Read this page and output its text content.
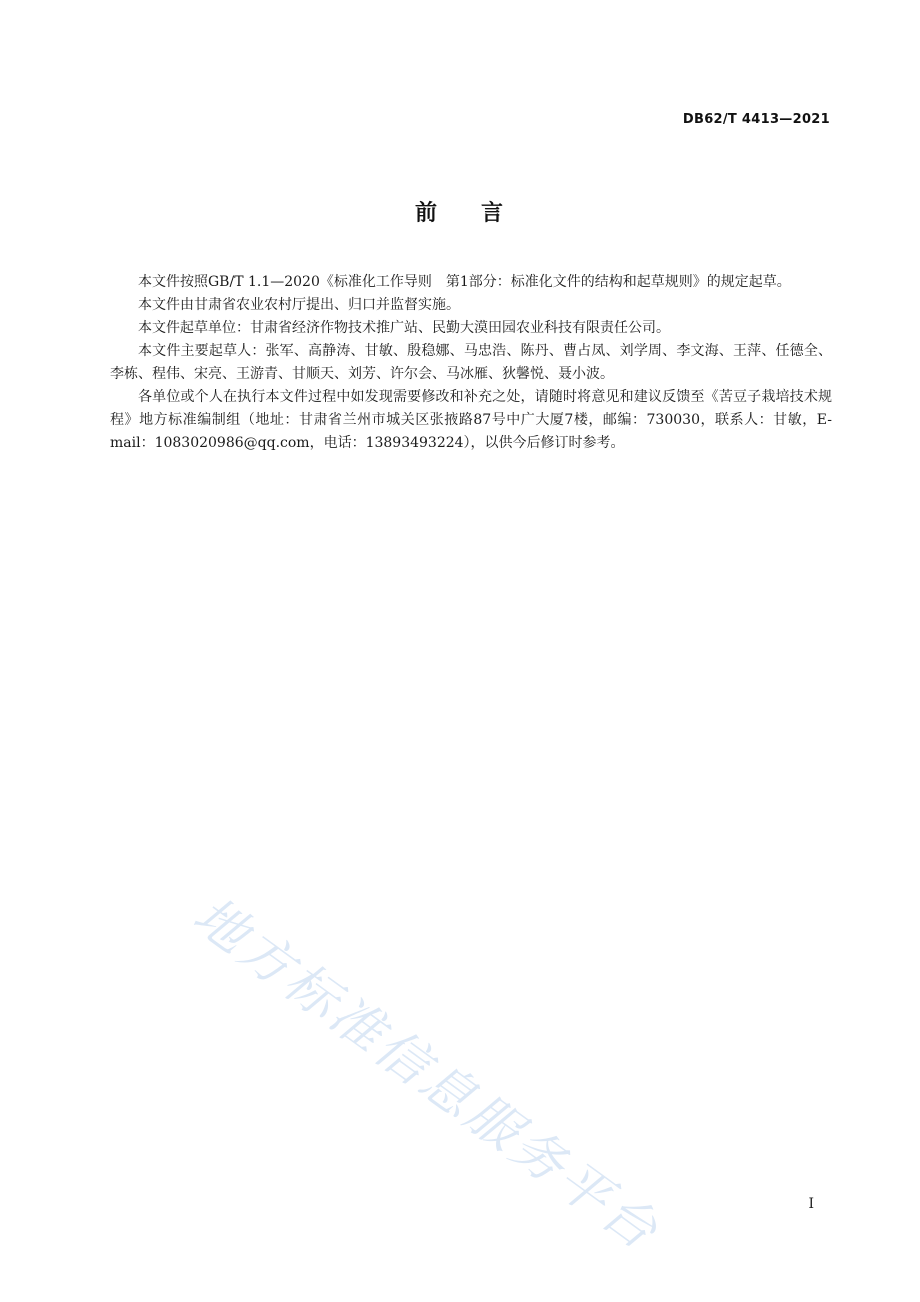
DB62/T 4413—2021
前 言

本文件按照GB/T 1.1—2020《标准化工作导则　第1部分：标准化文件的结构和起草规则》的规定起草。

本文件由甘肃省农业农村厅提出、归口并监督实施。

本文件起草单位：甘肃省经济作物技术推广站、民勤大漠田园农业科技有限责任公司。

本文件主要起草人：张军、高静涛、甘敏、殷稳娜、马忠浩、陈丹、曹占凤、刘学周、李文海、王萍、任德全、李栋、程伟、宋亮、王游青、甘顺天、刘芳、许尔会、马冰雁、狄馨悦、聂小波。

各单位或个人在执行本文件过程中如发现需要修改和补充之处，请随时将意见和建议反馈至《苦豆子栽培技术规程》地方标准编制组（地址：甘肃省兰州市城关区张掖路87号中广大厦7楼，邮编：730030，联系人：甘敏，E-mail：1083020986@qq.com，电话：13893493224），以供今后修订时参考。

地方标准信息服务平台	I
